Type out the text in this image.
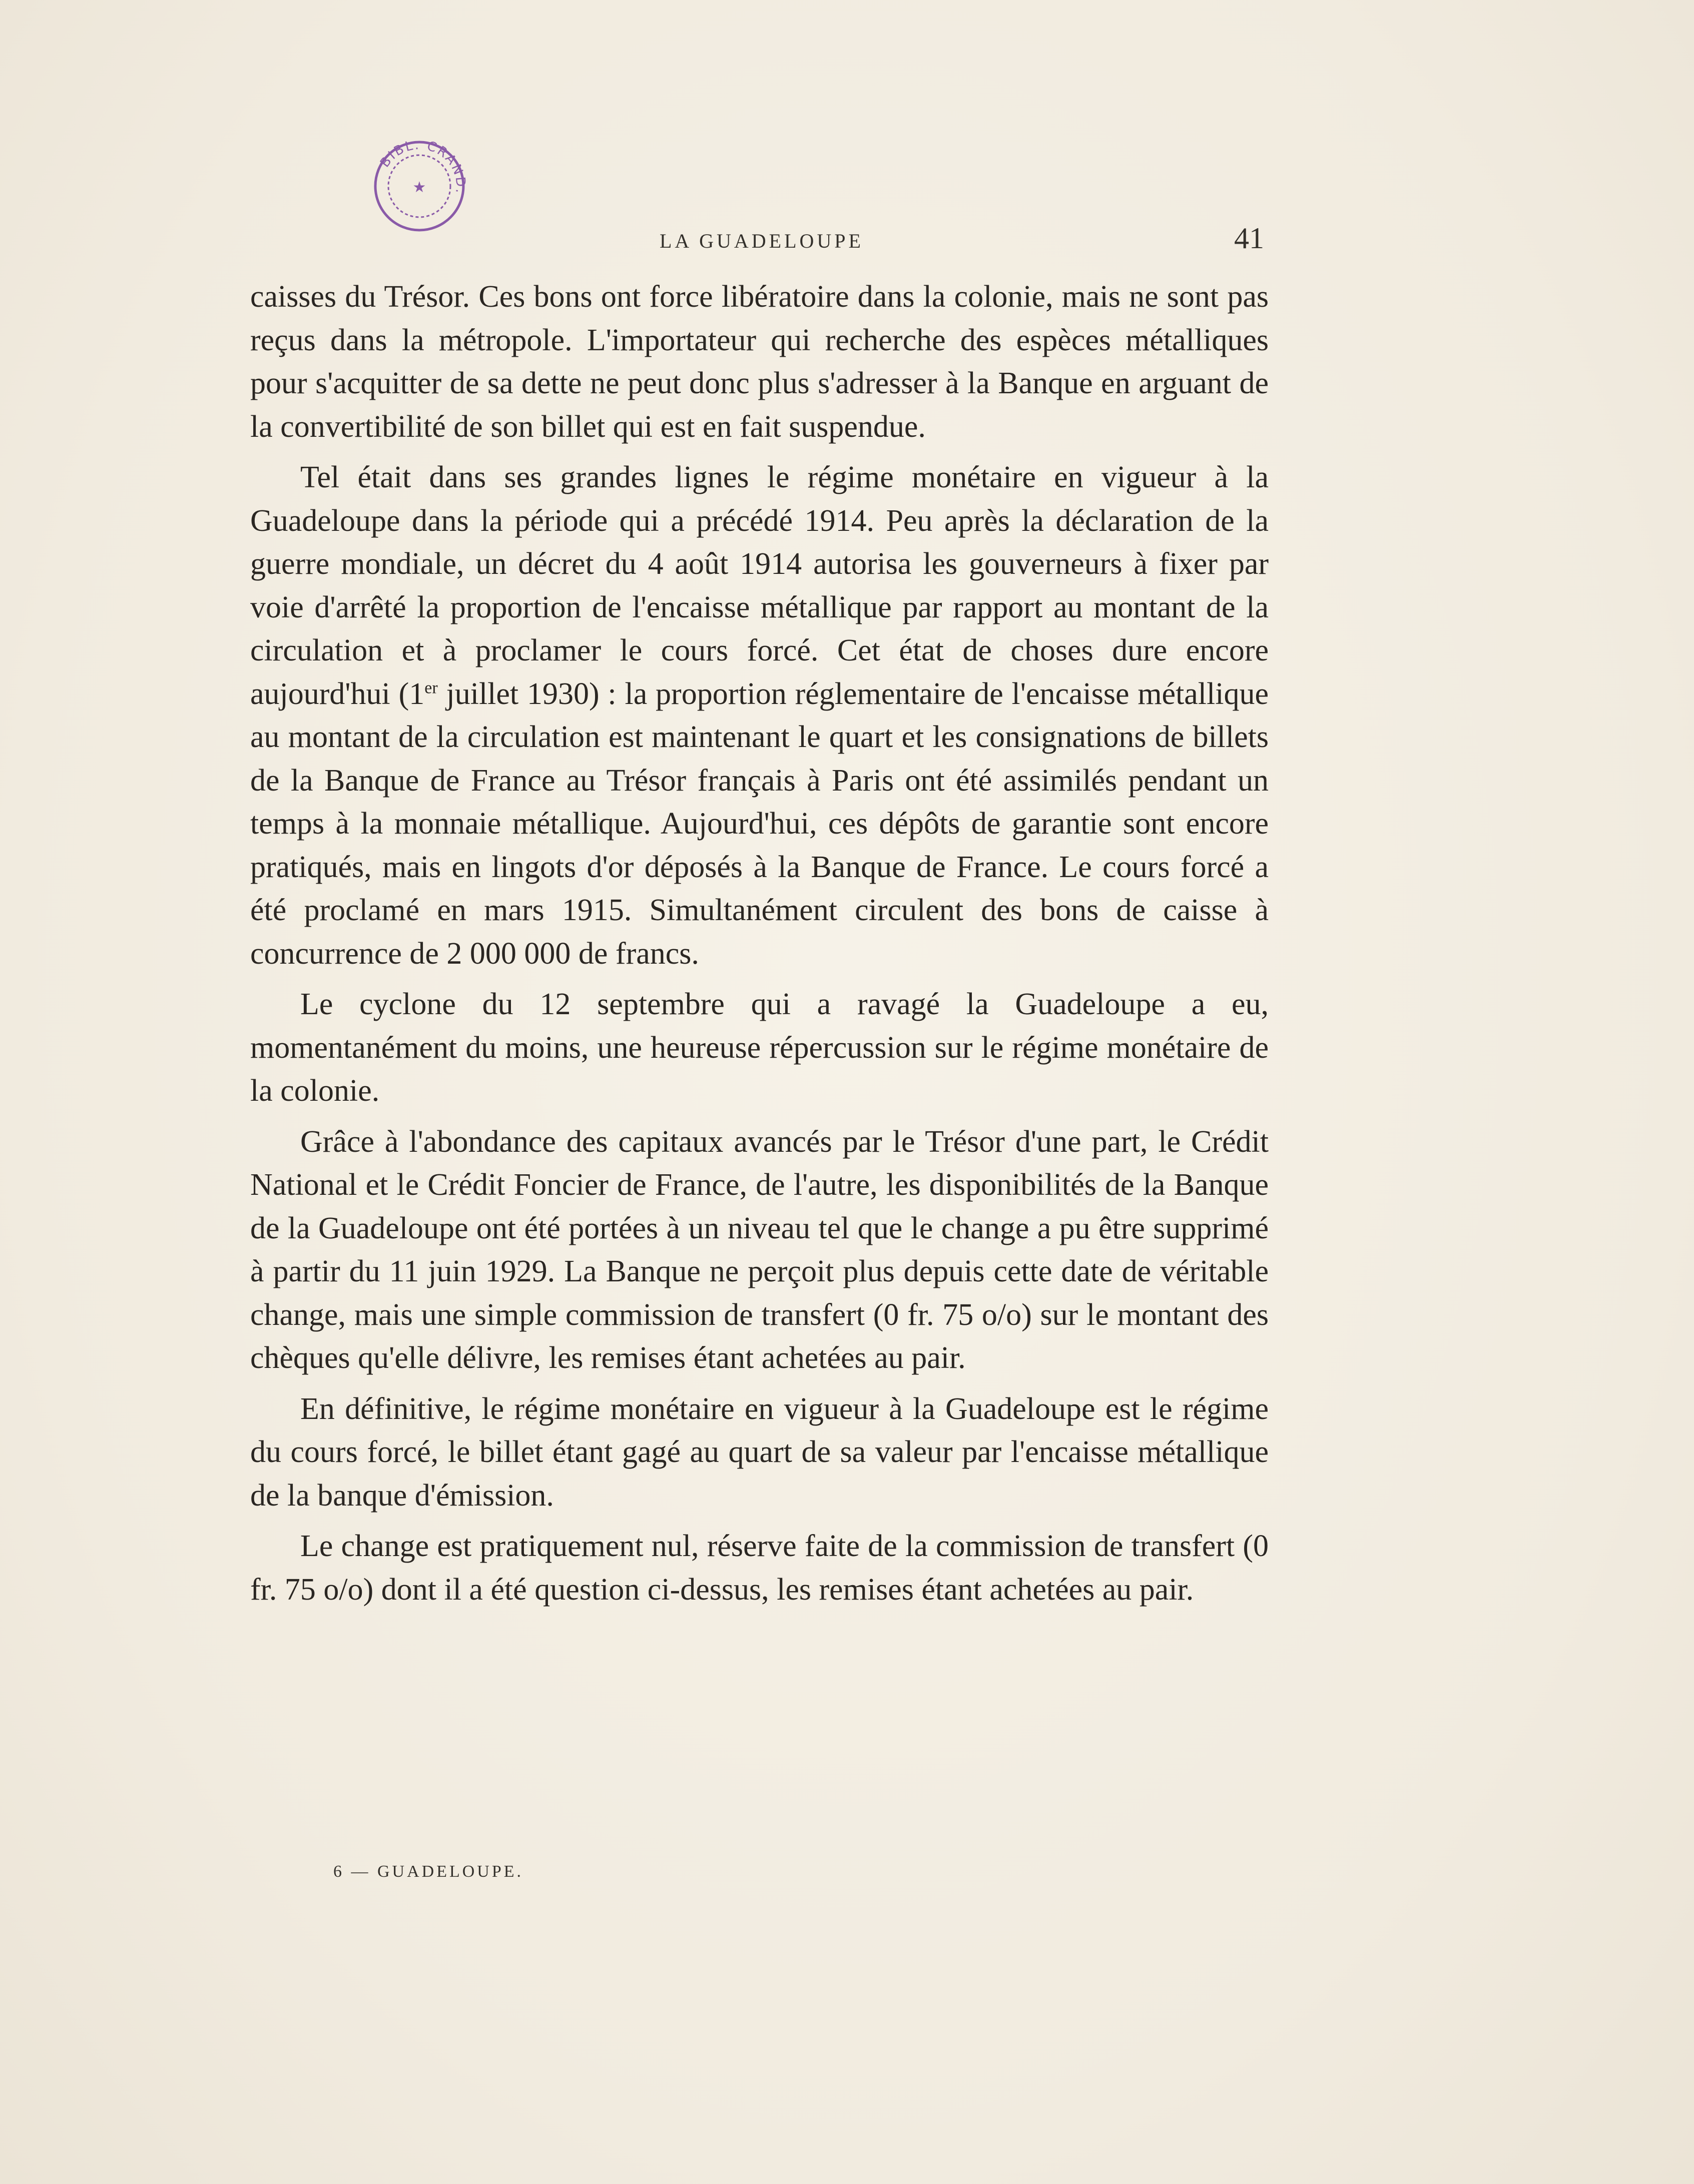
BIBL. CRAND.
★
LA GUADELOUPE	41

caisses du Trésor. Ces bons ont force libératoire dans la colonie, mais ne sont pas reçus dans la métropole. L'importateur qui recherche des espèces métalliques pour s'acquitter de sa dette ne peut donc plus s'adresser à la Banque en arguant de la convertibilité de son billet qui est en fait suspendue.

Tel était dans ses grandes lignes le régime monétaire en vigueur à la Guadeloupe dans la période qui a précédé 1914. Peu après la déclaration de la guerre mondiale, un décret du 4 août 1914 autorisa les gouverneurs à fixer par voie d'arrêté la proportion de l'encaisse métallique par rapport au montant de la circulation et à proclamer le cours forcé. Cet état de choses dure encore aujourd'hui (1er juillet 1930) : la proportion réglementaire de l'encaisse métallique au montant de la circulation est maintenant le quart et les consignations de billets de la Banque de France au Trésor français à Paris ont été assimilés pendant un temps à la monnaie métallique. Aujourd'hui, ces dépôts de garantie sont encore pratiqués, mais en lingots d'or déposés à la Banque de France. Le cours forcé a été proclamé en mars 1915. Simultanément circulent des bons de caisse à concurrence de 2 000 000 de francs.

Le cyclone du 12 septembre qui a ravagé la Guadeloupe a eu, momentanément du moins, une heureuse répercussion sur le régime monétaire de la colonie.

Grâce à l'abondance des capitaux avancés par le Trésor d'une part, le Crédit National et le Crédit Foncier de France, de l'autre, les disponibilités de la Banque de la Guadeloupe ont été portées à un niveau tel que le change a pu être supprimé à partir du 11 juin 1929. La Banque ne perçoit plus depuis cette date de véritable change, mais une simple commission de transfert (0 fr. 75 o/o) sur le montant des chèques qu'elle délivre, les remises étant achetées au pair.

En définitive, le régime monétaire en vigueur à la Guadeloupe est le régime du cours forcé, le billet étant gagé au quart de sa valeur par l'encaisse métallique de la banque d'émission.

Le change est pratiquement nul, réserve faite de la commission de transfert (0 fr. 75 o/o) dont il a été question ci-dessus, les remises étant achetées au pair.

6 — GUADELOUPE.
